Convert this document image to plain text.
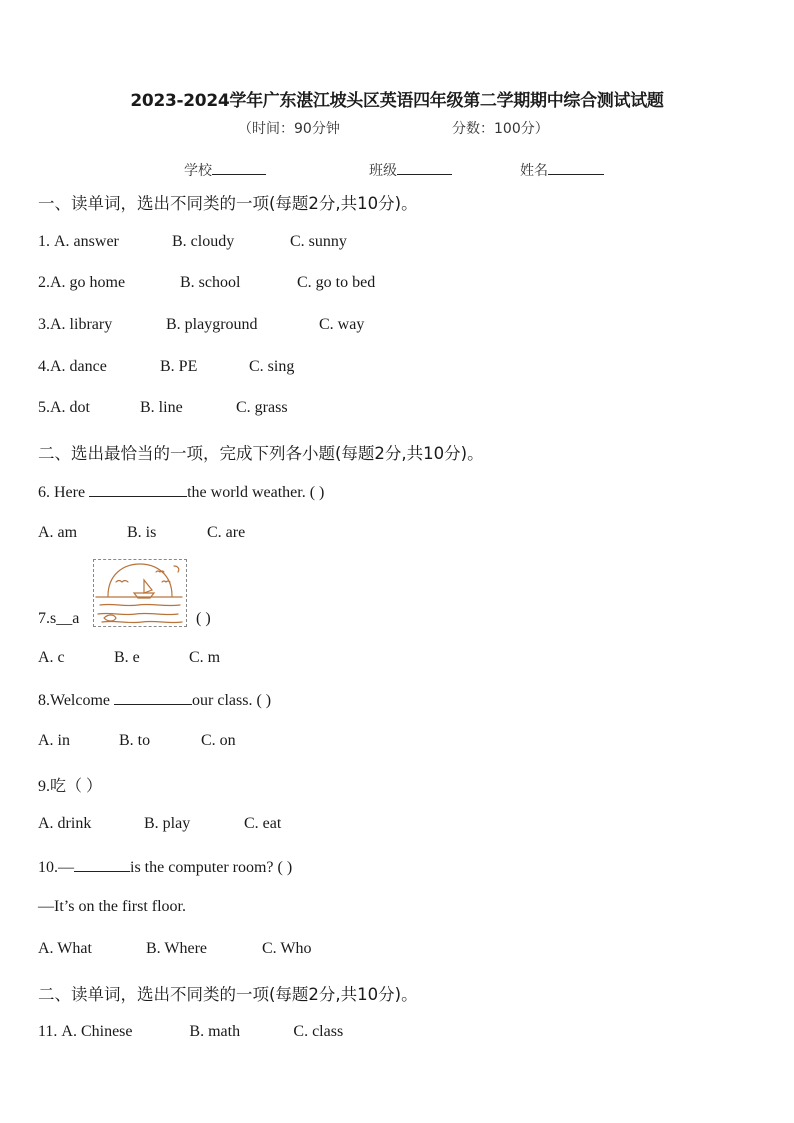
2023-2024学年广东湛江坡头区英语四年级第二学期期中综合测试试题
（时间：90分钟	分数：100分）
学校	班级	姓名
一、读单词，选出不同类的一项(每题2分,共10分)。
1. A. answer	B. cloudy	C. sunny
2.A. go home	B. school	C. go to bed
3.A. library	B. playground	C. way
4.A. dance	B. PE	C. sing
5.A. dot	B. line	C. grass
二、选出最恰当的一项，完成下列各小题(每题2分,共10分)。
6. Here	the world weather. ( )
A. am	B. is	C. are
7.s__a	( )
A. c	B. e	C. m
8.Welcome	our class. ( )
A. in	B. to	C. on
9.吃（ ）
A. drink	B. play	C. eat
10.—	is the computer room? ( )
—It’s on the first floor.
A. What	B. Where	C. Who
二、读单词，选出不同类的一项(每题2分,共10分)。
11. A. Chinese	B. math	C. class
